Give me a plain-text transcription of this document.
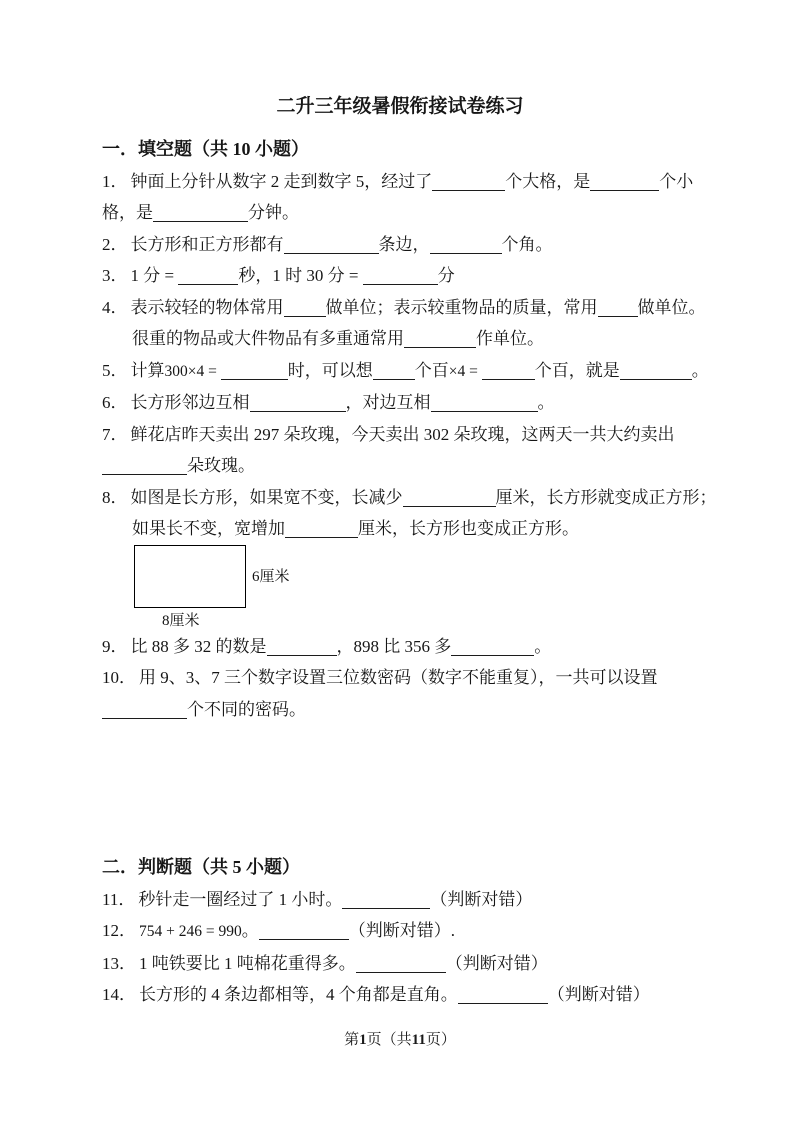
二升三年级暑假衔接试卷练习
一．填空题（共 10 小题）
1． 钟面上分针从数字 2 走到数字 5，经过了	个大格，是	个小
格，是	分钟。
2． 长方形和正方形都有	条边，	个角。
3． 1 分 =	秒，1 时 30 分 =	分
4． 表示较轻的物体常用 做单位；表示较重物品的质量，常用 做单位。
很重的物品或大件物品有多重通常用	作单位。
5． 计算300×4 =	时，可以想 个百×4 =	个百，就是	。
6． 长方形邻边互相	，对边互相	。
7． 鲜花店昨天卖出 297 朵玫瑰，今天卖出 302 朵玫瑰，这两天一共大约卖出
朵玫瑰。
8． 如图是长方形，如果宽不变，长减少	厘米，长方形就变成正方形；
如果长不变，宽增加	厘米，长方形也变成正方形。
6厘米
8厘米
9． 比 88 多 32 的数是	，898 比 356 多	。
10． 用 9、3、7 三个数字设置三位数密码（数字不能重复），一共可以设置
个不同的密码。
二．判断题（共 5 小题）
11． 秒针走一圈经过了 1 小时。	（判断对错）
12． 754 + 246 = 990。	（判断对错）.
13． 1 吨铁要比 1 吨棉花重得多。	（判断对错）
14． 长方形的 4 条边都相等，4 个角都是直角。	（判断对错）
第1页（共11页）
